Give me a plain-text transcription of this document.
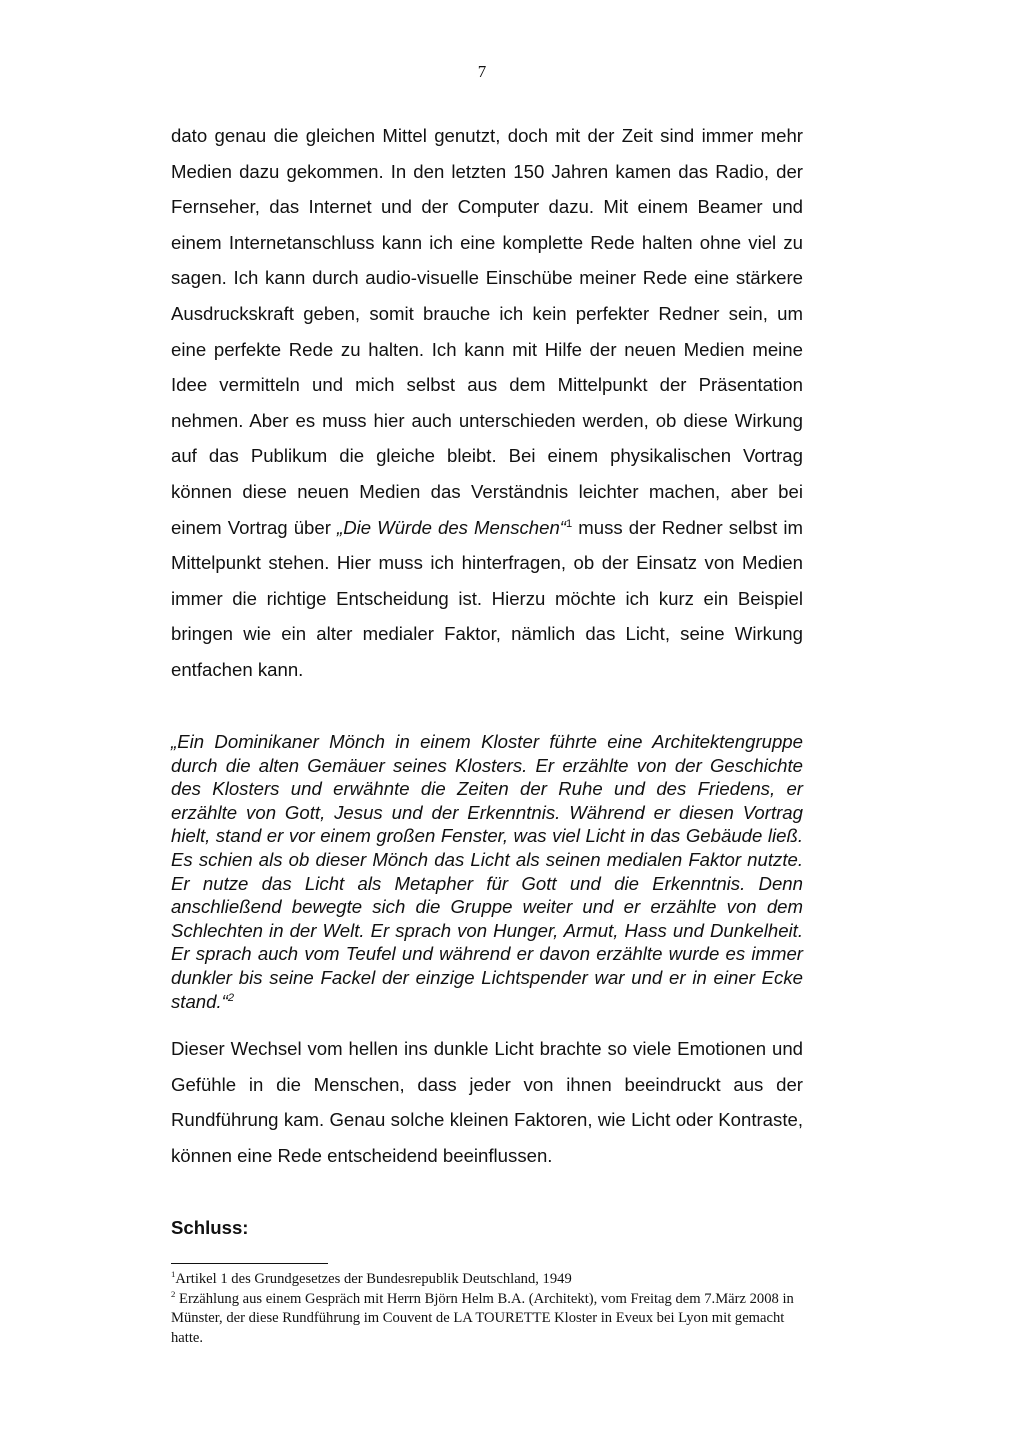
7

dato genau die gleichen Mittel genutzt, doch mit der Zeit sind immer mehr Medien dazu gekommen. In den letzten 150 Jahren kamen das Radio, der Fernseher, das Internet und der Computer dazu. Mit einem Beamer und einem Internetanschluss kann ich eine komplette Rede halten ohne viel zu sagen. Ich kann durch audio-visuelle Einschübe meiner Rede eine stärkere Ausdruckskraft geben, somit brauche ich kein perfekter Redner sein, um eine perfekte Rede zu halten. Ich kann mit Hilfe der neuen Medien meine Idee vermitteln und mich selbst aus dem Mittelpunkt der Präsentation nehmen. Aber es muss hier auch unterschieden werden, ob diese Wirkung auf das Publikum die gleiche bleibt. Bei einem physikalischen Vortrag können diese neuen Medien das Verständnis leichter machen, aber bei einem Vortrag über „Die Würde des Menschen“$^1$ muss der Redner selbst im Mittelpunkt stehen. Hier muss ich hinterfragen, ob der Einsatz von Medien immer die richtige Entscheidung ist. Hierzu möchte ich kurz ein Beispiel bringen wie ein alter medialer Faktor, nämlich das Licht, seine Wirkung entfachen kann.

„Ein Dominikaner Mönch in einem Kloster führte eine Architektengruppe durch die alten Gemäuer seines Klosters. Er erzählte von der Geschichte des Klosters und erwähnte die Zeiten der Ruhe und des Friedens, er erzählte von Gott, Jesus und der Erkenntnis. Während er diesen Vortrag hielt, stand er vor einem großen Fenster, was viel Licht in das Gebäude ließ. Es schien als ob dieser Mönch das Licht als seinen medialen Faktor nutzte. Er nutze das Licht als Metapher für Gott und die Erkenntnis. Denn anschließend bewegte sich die Gruppe weiter und er erzählte von dem Schlechten in der Welt. Er sprach von Hunger, Armut, Hass und Dunkelheit. Er sprach auch vom Teufel und während er davon erzählte wurde es immer dunkler bis seine Fackel der einzige Lichtspender war und er in einer Ecke stand.“$^2$

Dieser Wechsel vom hellen ins dunkle Licht brachte so viele Emotionen und Gefühle in die Menschen, dass jeder von ihnen beeindruckt aus der Rundführung kam. Genau solche kleinen Faktoren, wie Licht oder Kontraste, können eine Rede entscheidend beeinflussen.

Schluss:

$^1$Artikel 1 des Grundgesetzes der Bundesrepublik Deutschland, 1949

$^2$ Erzählung aus einem Gespräch mit Herrn Björn Helm B.A. (Architekt), vom Freitag dem 7.März 2008 in Münster, der diese Rundführung im Couvent de LA TOURETTE Kloster in Eveux bei Lyon mit gemacht hatte.
